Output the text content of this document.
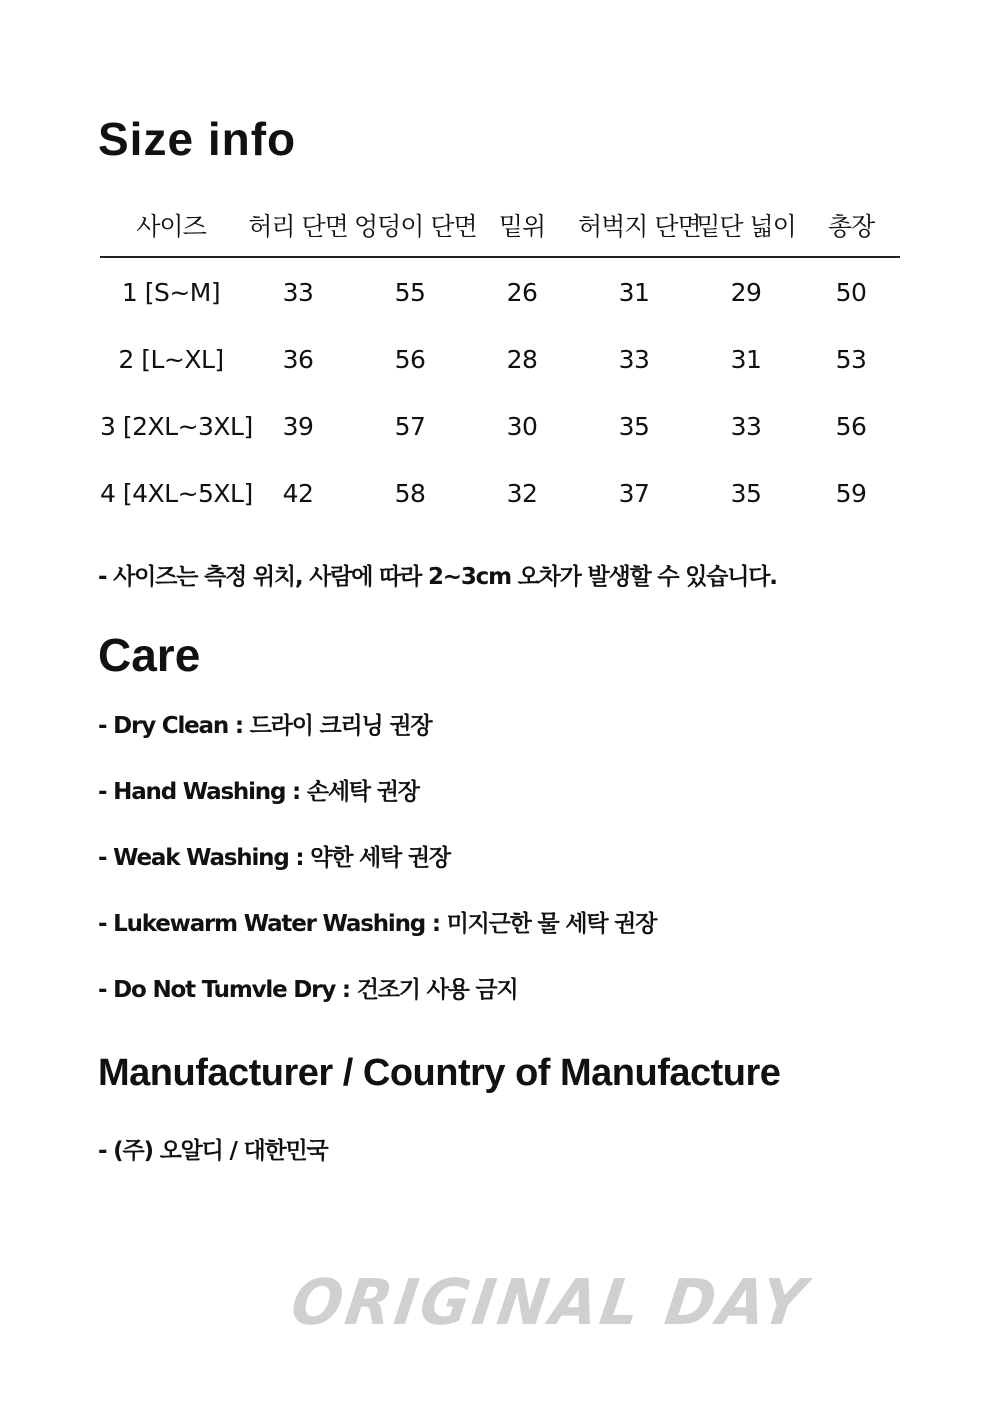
Size info
사이즈	허리 단면	엉덩이 단면	밑위	허벅지 단면	밑단 넓이	총장
1 [S~M]	33	55	26	31	29	50
2 [L~XL]	36	56	28	33	31	53
3 [2XL~3XL]	39	57	30	35	33	56
4 [4XL~5XL]	42	58	32	37	35	59

- 사이즈는 측정 위치, 사람에 따라 2~3cm 오차가 발생할 수 있습니다.

Care
- Dry Clean : 드라이 크리닝 권장
- Hand Washing : 손세탁 권장
- Weak Washing : 약한 세탁 권장
- Lukewarm Water Washing : 미지근한 물 세탁 권장
- Do Not Tumvle Dry : 건조기 사용 금지
Manufacturer / Country of Manufacture

- (주) 오알디 / 대한민국

ORIGINAL DAY
